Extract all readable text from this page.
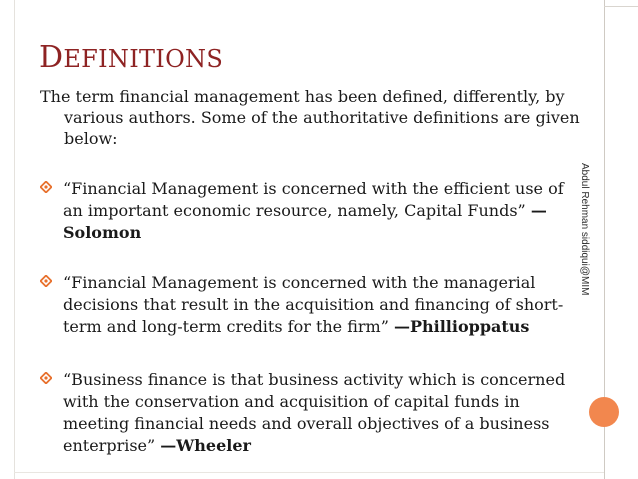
DEFINITIONS

The term financial management has been defined, differently, by various authors. Some of the authoritative definitions are given below:

“Financial Management is concerned with the efficient use of an important economic resource, namely, Capital Funds” — Solomon
“Financial Management is concerned with the managerial decisions that result in the acquisition and financing of short-term and long-term credits for the firm” —Phillioppatus
“Business finance is that business activity which is concerned with the conservation and acquisition of capital funds in meeting financial needs and overall objectives of a business enterprise” —Wheeler
Abdul Rehman siddiqui@MIM
